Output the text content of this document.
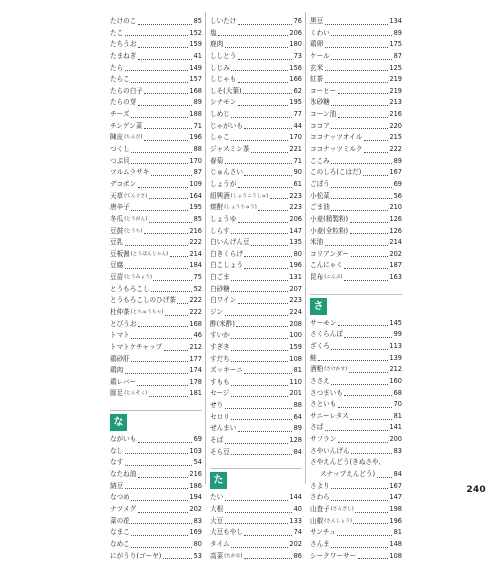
たけのこ	85
たこ	152
たちうお	159
たまねぎ	41
たら	149
たらこ	157
たらの白子	168
たらの芽	89
チーズ	188
チンゲン菜	71
陳皮 (ちんぴ)	196
つくし	88
つぶ貝	170
ツルムラサキ	87
デコポン	109
天草 (てんぐさ)	164
唐辛子	195
冬瓜 (とうがん)	85
豆鼓 (とうち)	216
豆乳	222
豆板醤 (とうばんじゃん)	214
豆腐	184
豆苗 (とうみょう)	75
とうもろこし	52
とうもろこしのひげ茶 222
杜仲茶 (とちゅうちゃ)	222
とびうお	168
トマト	46
トマトケチャップ	212
鶏砂肝	177
鶏肉	174
鶏レバー	178
豚足 (とんそく)	181
な
ながいも	69
なし	103
なす	54
なたね油	216
納豆	186
なつめ	194
ナツメグ	202
菜の花	83
なまこ	169
なめこ	80
にがうり(ゴーヤ)	53
しいたけ	76
塩	206
鹿肉	180
ししとう	73
しじみ	156
しじゃも	166
しそ(大葉)	62
シナモン	195
しめじ	77
じゃがいも	44
しゃこ	170
ジャスミン茶	221
春菊	71
じゅんさい	90
しょうが	61
紹興酒 (しょうこうしゅ)	223
焼酎 (しょうちゅう)	223
しょうゆ	206
しらす	147
白いんげん豆	135
白きくらげ	80
白こしょう	196
白ごま	131
白砂糖	207
白ワイン	223
ジン	224
酢(米酢)	208
すいか	100
すぎき	159
すだち	108
ズッキーニ	81
すもも	110
セージ	201
せり	88
セロリ	64
ぜんまい	89
そば	128
そら豆	84
た
たい	144
大根	40
大豆	133
大豆もやし	74
タイム	202
高菜 (たかな)	86
黒豆	134
くわい	89
鶏卵	175
ケール	87
玄米	125
紅茶	219
コーヒー	219
氷砂糖	213
コーン油	216
ココア	220
ココナッツオイル	215
ココナッツミルク	222
ここみ	89
このしろ(こはだ)	167
ごぼう	69
小松菜	56
ごま油	210
小麦(精製粉)	126
小麦(全粒粉)	126
米油	214
コリアンダー	202
こんにゃく	187
昆布 (こんぶ)	163
さ
サーモン	145
さくらんぼ	99
ざくろ	113
鮭	139
酒粕 (さけかす)	212
ささえ	160
さつまいも	68
さといも	70
サニーレタス	81
さば	141
サフラン	200
さやいんげん	83
さやえんどう(きぬさや、
スナップえんどう)	84
さより	167
さわら	147
山査子 (さんざし)	198
山椒 (さんしょう)	196
サンチュ	81
さんま	148
シークワーサー	108
240
